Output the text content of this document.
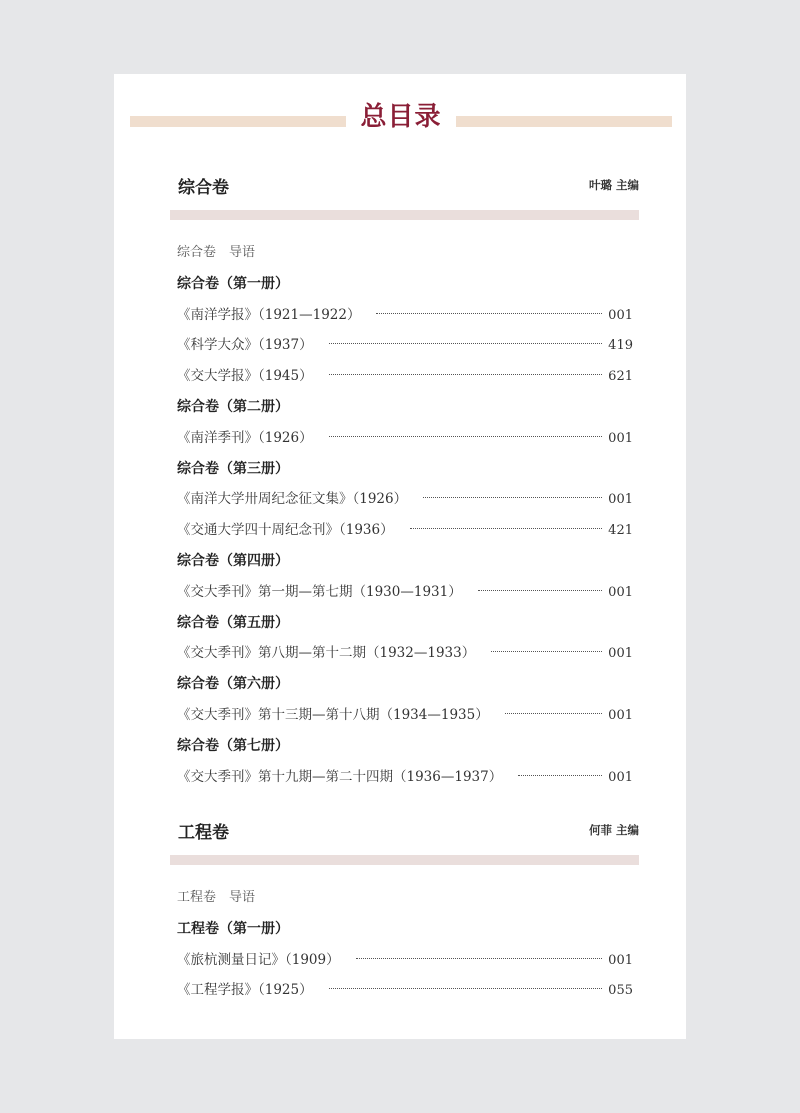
总目录
综合卷	叶璐 主编
综合卷　导语
综合卷（第一册）
《南洋学报》（1921—1922）	001
《科学大众》（1937）	419
《交大学报》（1945）	621
综合卷（第二册）
《南洋季刊》（1926）	001
综合卷（第三册）
《南洋大学卅周纪念征文集》（1926）	001
《交通大学四十周纪念刊》（1936）	421
综合卷（第四册）
《交大季刊》第一期—第七期（1930—1931）	001
综合卷（第五册）
《交大季刊》第八期—第十二期（1932—1933）	001
综合卷（第六册）
《交大季刊》第十三期—第十八期（1934—1935）	001
综合卷（第七册）
《交大季刊》第十九期—第二十四期（1936—1937）	001
工程卷	何菲 主编
工程卷　导语
工程卷（第一册）
《旅杭测量日记》（1909）	001
《工程学报》（1925）	055
